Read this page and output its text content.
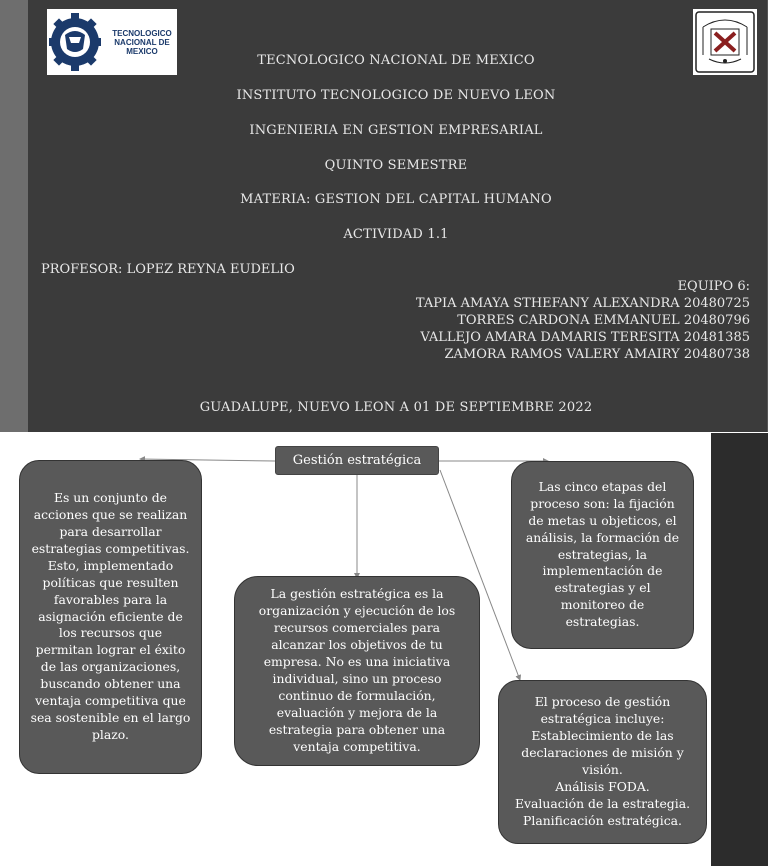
TECNOLOGICO NACIONAL DE MEXICO
TECNOLOGICO NACIONAL DE MEXICO
INSTITUTO TECNOLOGICO DE NUEVO LEON
INGENIERIA EN GESTION EMPRESARIAL
QUINTO SEMESTRE
MATERIA: GESTION DEL CAPITAL HUMANO
ACTIVIDAD 1.1
PROFESOR: LOPEZ REYNA EUDELIO
EQUIPO 6:
TAPIA AMAYA STHEFANY ALEXANDRA 20480725
TORRES CARDONA EMMANUEL 20480796
VALLEJO AMARA DAMARIS TERESITA 20481385
ZAMORA RAMOS VALERY AMAIRY 20480738
GUADALUPE, NUEVO LEON A 01 DE SEPTIEMBRE 2022
Gestión estratégica
Es un conjunto de acciones que se realizan para desarrollar estrategias competitivas. Esto, implementado políticas que resulten favorables para la asignación eficiente de los recursos que permitan lograr el éxito de las organizaciones, buscando obtener una ventaja competitiva que sea sostenible en el largo plazo.
La gestión estratégica es la organización y ejecución de los recursos comerciales para alcanzar los objetivos de tu empresa. No es una iniciativa individual, sino un proceso continuo de formulación, evaluación y mejora de la estrategia para obtener una ventaja competitiva.
Las cinco etapas del proceso son: la fijación de metas u objeticos, el análisis, la formación de estrategias, la implementación de estrategias y el monitoreo de estrategias.
El proceso de gestión estratégica incluye:
Establecimiento de las declaraciones de misión y visión.
Análisis FODA.
Evaluación de la estrategia.
Planificación estratégica.
